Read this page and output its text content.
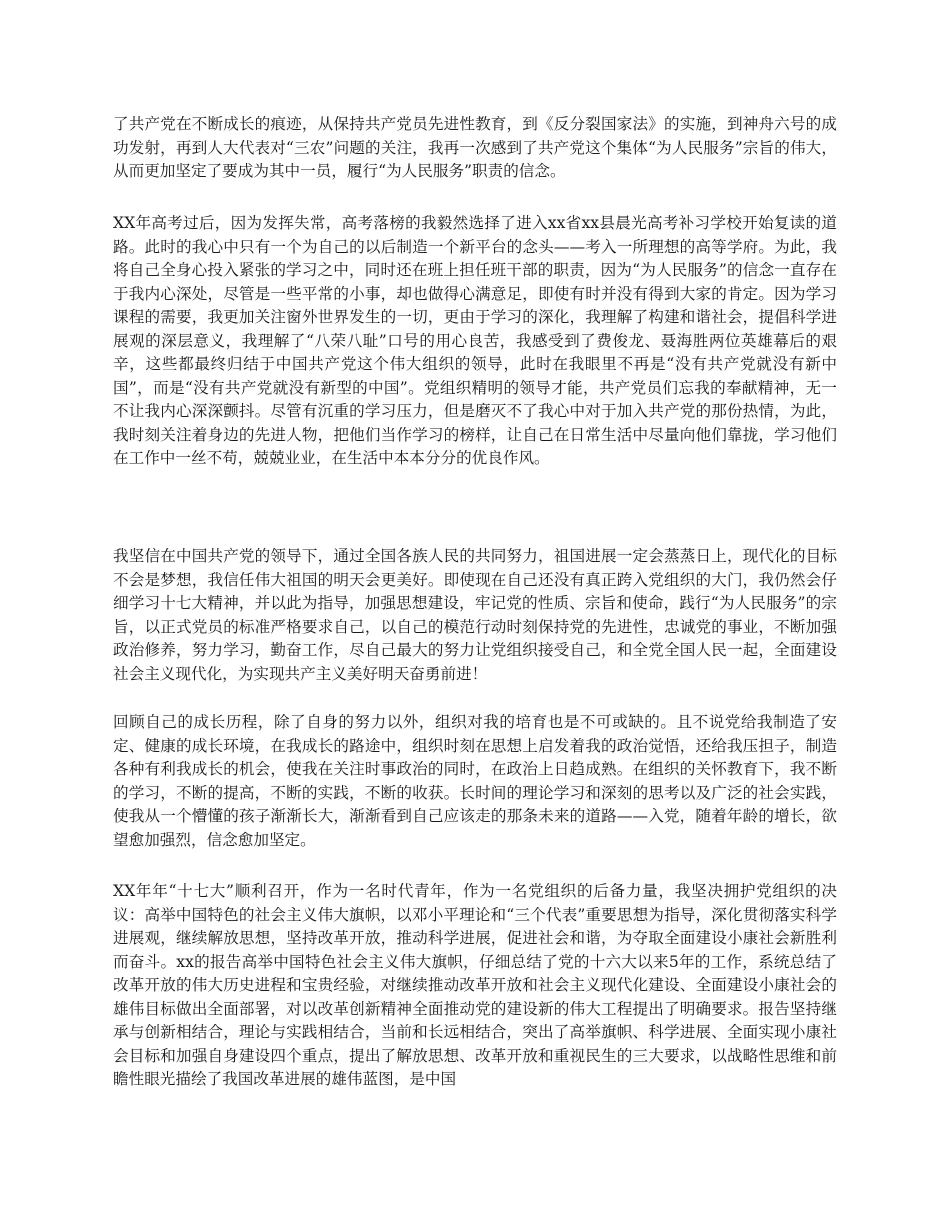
了共产党在不断成长的痕迹，从保持共产党员先进性教育，到《反分裂国家法》的实施，到神舟六号的成功发射，再到人大代表对“三农”问题的关注，我再一次感到了共产党这个集体“为人民服务”宗旨的伟大，从而更加坚定了要成为其中一员，履行“为人民服务”职责的信念。

XX年高考过后，因为发挥失常，高考落榜的我毅然选择了进入xx省xx县晨光高考补习学校开始复读的道路。此时的我心中只有一个为自己的以后制造一个新平台的念头——考入一所理想的高等学府。为此，我将自己全身心投入紧张的学习之中，同时还在班上担任班干部的职责，因为“为人民服务”的信念一直存在于我内心深处，尽管是一些平常的小事，却也做得心满意足，即使有时并没有得到大家的肯定。因为学习课程的需要，我更加关注窗外世界发生的一切，更由于学习的深化，我理解了构建和谐社会，提倡科学进展观的深层意义，我理解了“八荣八耻”口号的用心良苦，我感受到了费俊龙、聂海胜两位英雄幕后的艰辛，这些都最终归结于中国共产党这个伟大组织的领导，此时在我眼里不再是“没有共产党就没有新中国”，而是“没有共产党就没有新型的中国”。党组织精明的领导才能，共产党员们忘我的奉献精神，无一不让我内心深深颤抖。尽管有沉重的学习压力，但是磨灭不了我心中对于加入共产党的那份热情，为此，我时刻关注着身边的先进人物，把他们当作学习的榜样，让自己在日常生活中尽量向他们靠拢，学习他们在工作中一丝不苟，兢兢业业，在生活中本本分分的优良作风。

我坚信在中国共产党的领导下，通过全国各族人民的共同努力，祖国进展一定会蒸蒸日上，现代化的目标不会是梦想，我信任伟大祖国的明天会更美好。即使现在自己还没有真正跨入党组织的大门，我仍然会仔细学习十七大精神，并以此为指导，加强思想建设，牢记党的性质、宗旨和使命，践行“为人民服务”的宗旨，以正式党员的标准严格要求自己，以自己的模范行动时刻保持党的先进性，忠诚党的事业，不断加强政治修养，努力学习，勤奋工作，尽自己最大的努力让党组织接受自己，和全党全国人民一起，全面建设社会主义现代化，为实现共产主义美好明天奋勇前进！

回顾自己的成长历程，除了自身的努力以外，组织对我的培育也是不可或缺的。且不说党给我制造了安定、健康的成长环境，在我成长的路途中，组织时刻在思想上启发着我的政治觉悟，还给我压担子，制造各种有利我成长的机会，使我在关注时事政治的同时，在政治上日趋成熟。在组织的关怀教育下，我不断的学习，不断的提高，不断的实践，不断的收获。长时间的理论学习和深刻的思考以及广泛的社会实践，使我从一个懵懂的孩子渐渐长大，渐渐看到自己应该走的那条未来的道路——入党，随着年龄的增长，欲望愈加强烈，信念愈加坚定。

XX年年“十七大”顺利召开，作为一名时代青年，作为一名党组织的后备力量，我坚决拥护党组织的决议：高举中国特色的社会主义伟大旗帜，以邓小平理论和“三个代表”重要思想为指导，深化贯彻落实科学进展观，继续解放思想，坚持改革开放，推动科学进展，促进社会和谐，为夺取全面建设小康社会新胜利而奋斗。xx的报告高举中国特色社会主义伟大旗帜，仔细总结了党的十六大以来5年的工作，系统总结了改革开放的伟大历史进程和宝贵经验，对继续推动改革开放和社会主义现代化建设、全面建设小康社会的雄伟目标做出全面部署，对以改革创新精神全面推动党的建设新的伟大工程提出了明确要求。报告坚持继承与创新相结合，理论与实践相结合，当前和长远相结合，突出了高举旗帜、科学进展、全面实现小康社会目标和加强自身建设四个重点，提出了解放思想、改革开放和重视民生的三大要求，以战略性思维和前瞻性眼光描绘了我国改革进展的雄伟蓝图，是中国
